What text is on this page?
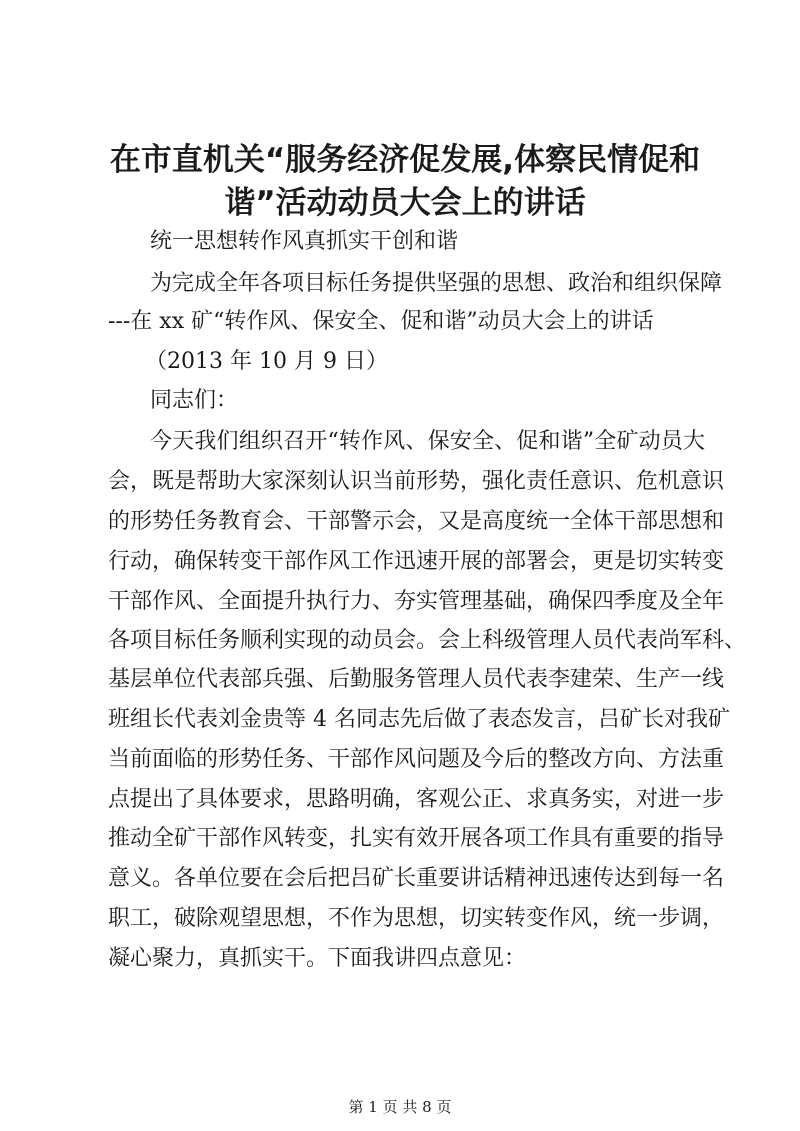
在市直机关“服务经济促发展,体察民情促和
谐”活动动员大会上的讲话
统一思想转作风真抓实干创和谐
为完成全年各项目标任务提供坚强的思想、政治和组织保障
---在 xx 矿“转作风、保安全、促和谐”动员大会上的讲话
（2013 年 10 月 9 日）
同志们：
今天我们组织召开“转作风、保安全、促和谐”全矿动员大
会，既是帮助大家深刻认识当前形势，强化责任意识、危机意识
的形势任务教育会、干部警示会，又是高度统一全体干部思想和
行动，确保转变干部作风工作迅速开展的部署会，更是切实转变
干部作风、全面提升执行力、夯实管理基础，确保四季度及全年
各项目标任务顺利实现的动员会。会上科级管理人员代表尚军科、
基层单位代表部兵强、后勤服务管理人员代表李建荣、生产一线
班组长代表刘金贵等 4 名同志先后做了表态发言，吕矿长对我矿
当前面临的形势任务、干部作风问题及今后的整改方向、方法重
点提出了具体要求，思路明确，客观公正、求真务实，对进一步
推动全矿干部作风转变，扎实有效开展各项工作具有重要的指导
意义。各单位要在会后把吕矿长重要讲话精神迅速传达到每一名
职工，破除观望思想，不作为思想，切实转变作风，统一步调，
凝心聚力，真抓实干。下面我讲四点意见：
第 1 页 共 8 页
